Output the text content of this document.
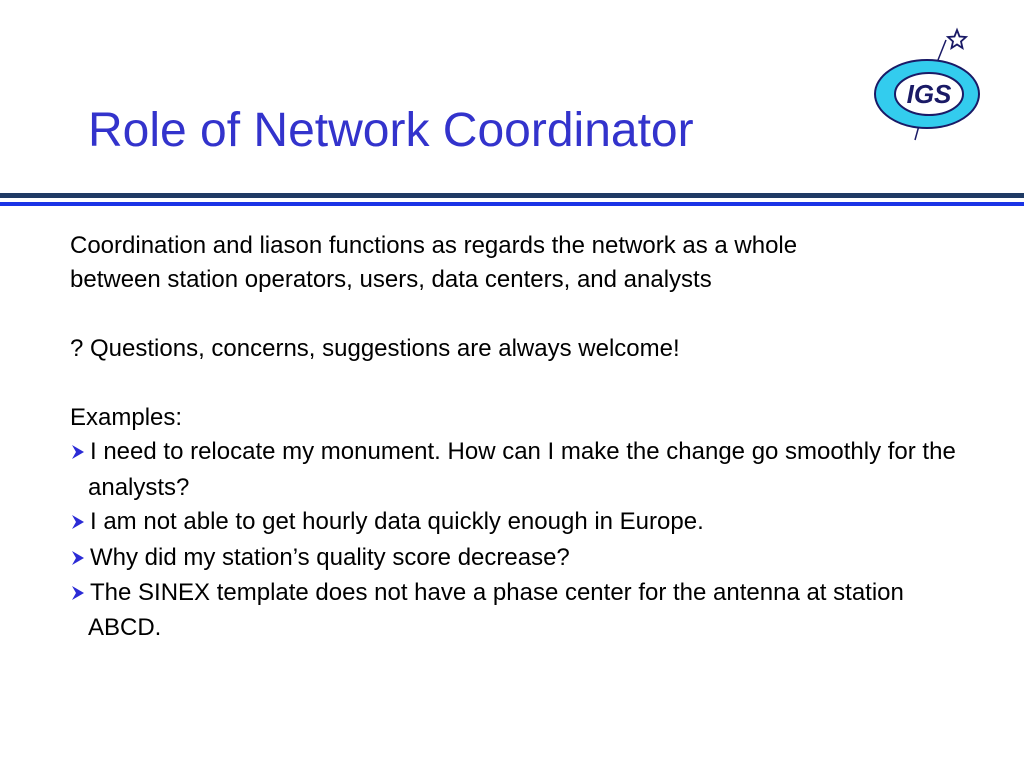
Role of Network Coordinator
IGS

Coordination and liason functions as regards the network as a whole

between station operators, users, data centers, and analysts

? Questions, concerns, suggestions are always welcome!

Examples:

I need to relocate my monument. How can I make the change go smoothly for the analysts?
I am not able to get hourly data quickly enough in Europe.
Why did my station’s quality score decrease?
The SINEX template does not have a phase center for the antenna at station ABCD.
